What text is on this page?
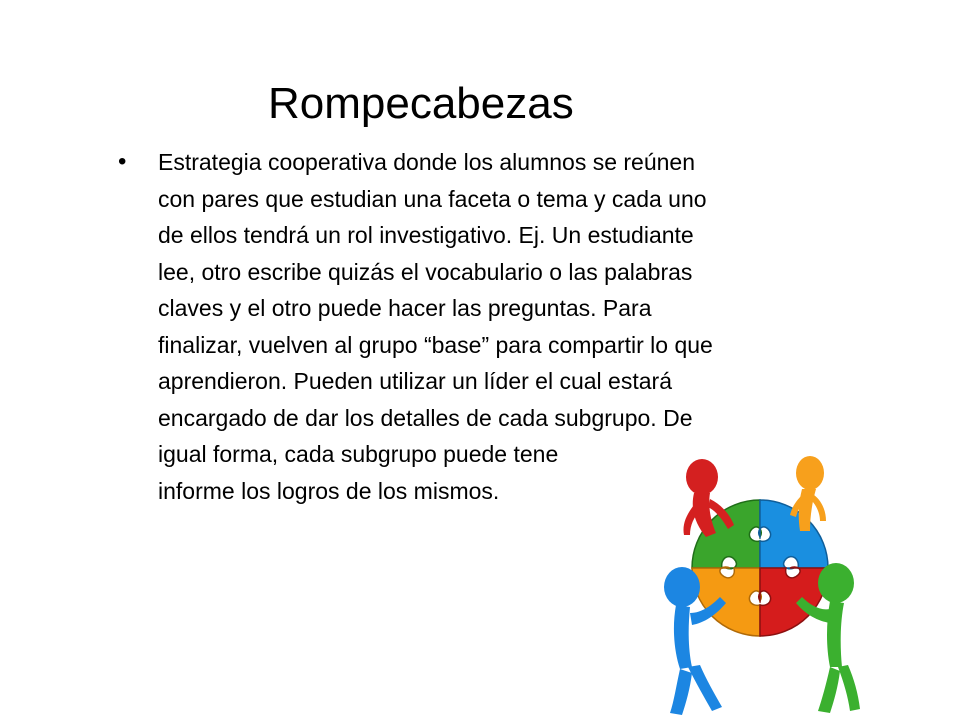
Rompecabezas
• Estrategia cooperativa donde los alumnos se reúnen
con pares que estudian una faceta o tema y cada uno
de ellos tendrá un rol investigativo. Ej. Un estudiante
lee, otro escribe quizás el vocabulario o las palabras
claves y el otro puede hacer las preguntas. Para
finalizar, vuelven al grupo “base” para compartir lo que
aprendieron. Pueden utilizar un líder el cual estará
encargado de dar los detalles de cada subgrupo. De
igual forma, cada subgrupo puede tene
informe los logros de los mismos.
